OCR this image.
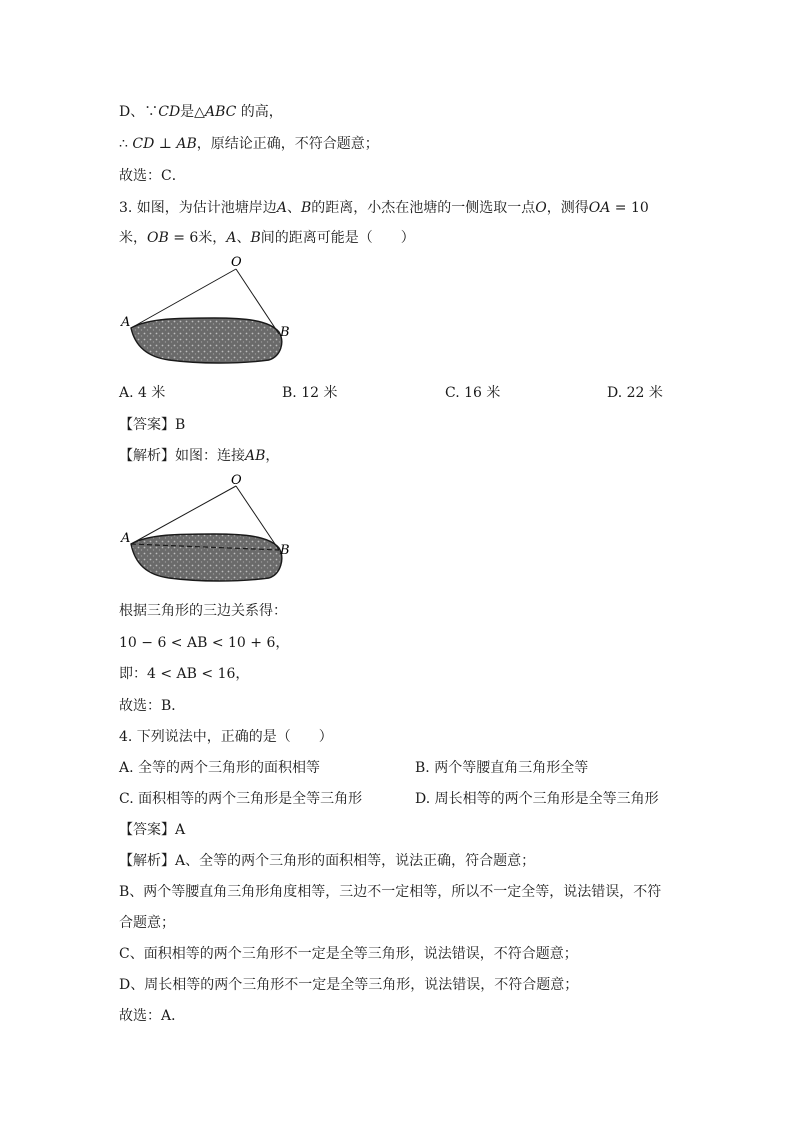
D、∵CD是△ABC 的高，
∴ CD ⊥ AB，原结论正确，不符合题意；
故选：C．
3. 如图，为估计池塘岸边A、B的距离，小杰在池塘的一侧选取一点O，测得OA = 10
米，OB = 6米，A、B间的距离可能是（　　）
O
A
B
A. 4 米	B. 12 米	C. 16 米	D. 22 米
【答案】B
【解析】如图：连接AB，
O
A
B
根据三角形的三边关系得：
10 − 6 < AB < 10 + 6，
即：4 < AB < 16，
故选：B．
4. 下列说法中，正确的是（　　）
A. 全等的两个三角形的面积相等	B. 两个等腰直角三角形全等
C. 面积相等的两个三角形是全等三角形	D. 周长相等的两个三角形是全等三角形
【答案】A
【解析】A、全等的两个三角形的面积相等，说法正确，符合题意；
B、两个等腰直角三角形角度相等，三边不一定相等，所以不一定全等，说法错误，不符
合题意；
C、面积相等的两个三角形不一定是全等三角形，说法错误，不符合题意；
D、周长相等的两个三角形不一定是全等三角形，说法错误，不符合题意；
故选：A．
